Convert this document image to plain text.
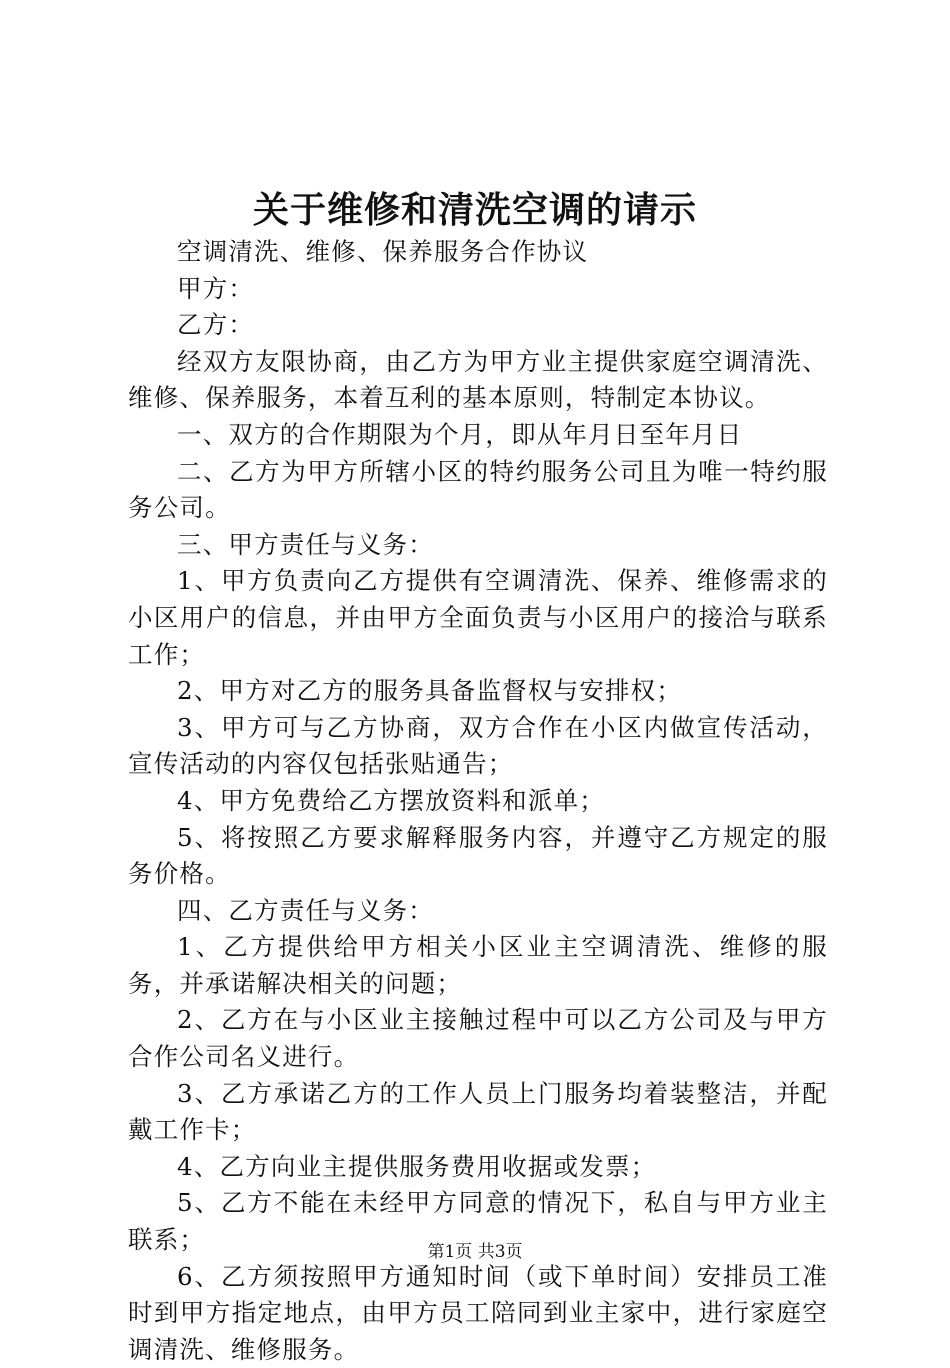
关于维修和清洗空调的请示

空调清洗、维修、保养服务合作协议

甲方：

乙方：

经双方友限协商，由乙方为甲方业主提供家庭空调清洗、维修、保养服务，本着互利的基本原则，特制定本协议。

一、双方的合作期限为个月，即从年月日至年月日

二、乙方为甲方所辖小区的特约服务公司且为唯一特约服务公司。

三、甲方责任与义务：

1、甲方负责向乙方提供有空调清洗、保养、维修需求的小区用户的信息，并由甲方全面负责与小区用户的接洽与联系工作；

2、甲方对乙方的服务具备监督权与安排权；

3、甲方可与乙方协商，双方合作在小区内做宣传活动，宣传活动的内容仅包括张贴通告；

4、甲方免费给乙方摆放资料和派单；

5、将按照乙方要求解释服务内容，并遵守乙方规定的服务价格。

四、乙方责任与义务：

1、乙方提供给甲方相关小区业主空调清洗、维修的服务，并承诺解决相关的问题；

2、乙方在与小区业主接触过程中可以乙方公司及与甲方合作公司名义进行。

3、乙方承诺乙方的工作人员上门服务均着装整洁，并配戴工作卡；

4、乙方向业主提供服务费用收据或发票；

5、乙方不能在未经甲方同意的情况下，私自与甲方业主联系；

6、乙方须按照甲方通知时间（或下单时间）安排员工准时到甲方指定地点，由甲方员工陪同到业主家中，进行家庭空调清洗、维修服务。

第1页 共3页
